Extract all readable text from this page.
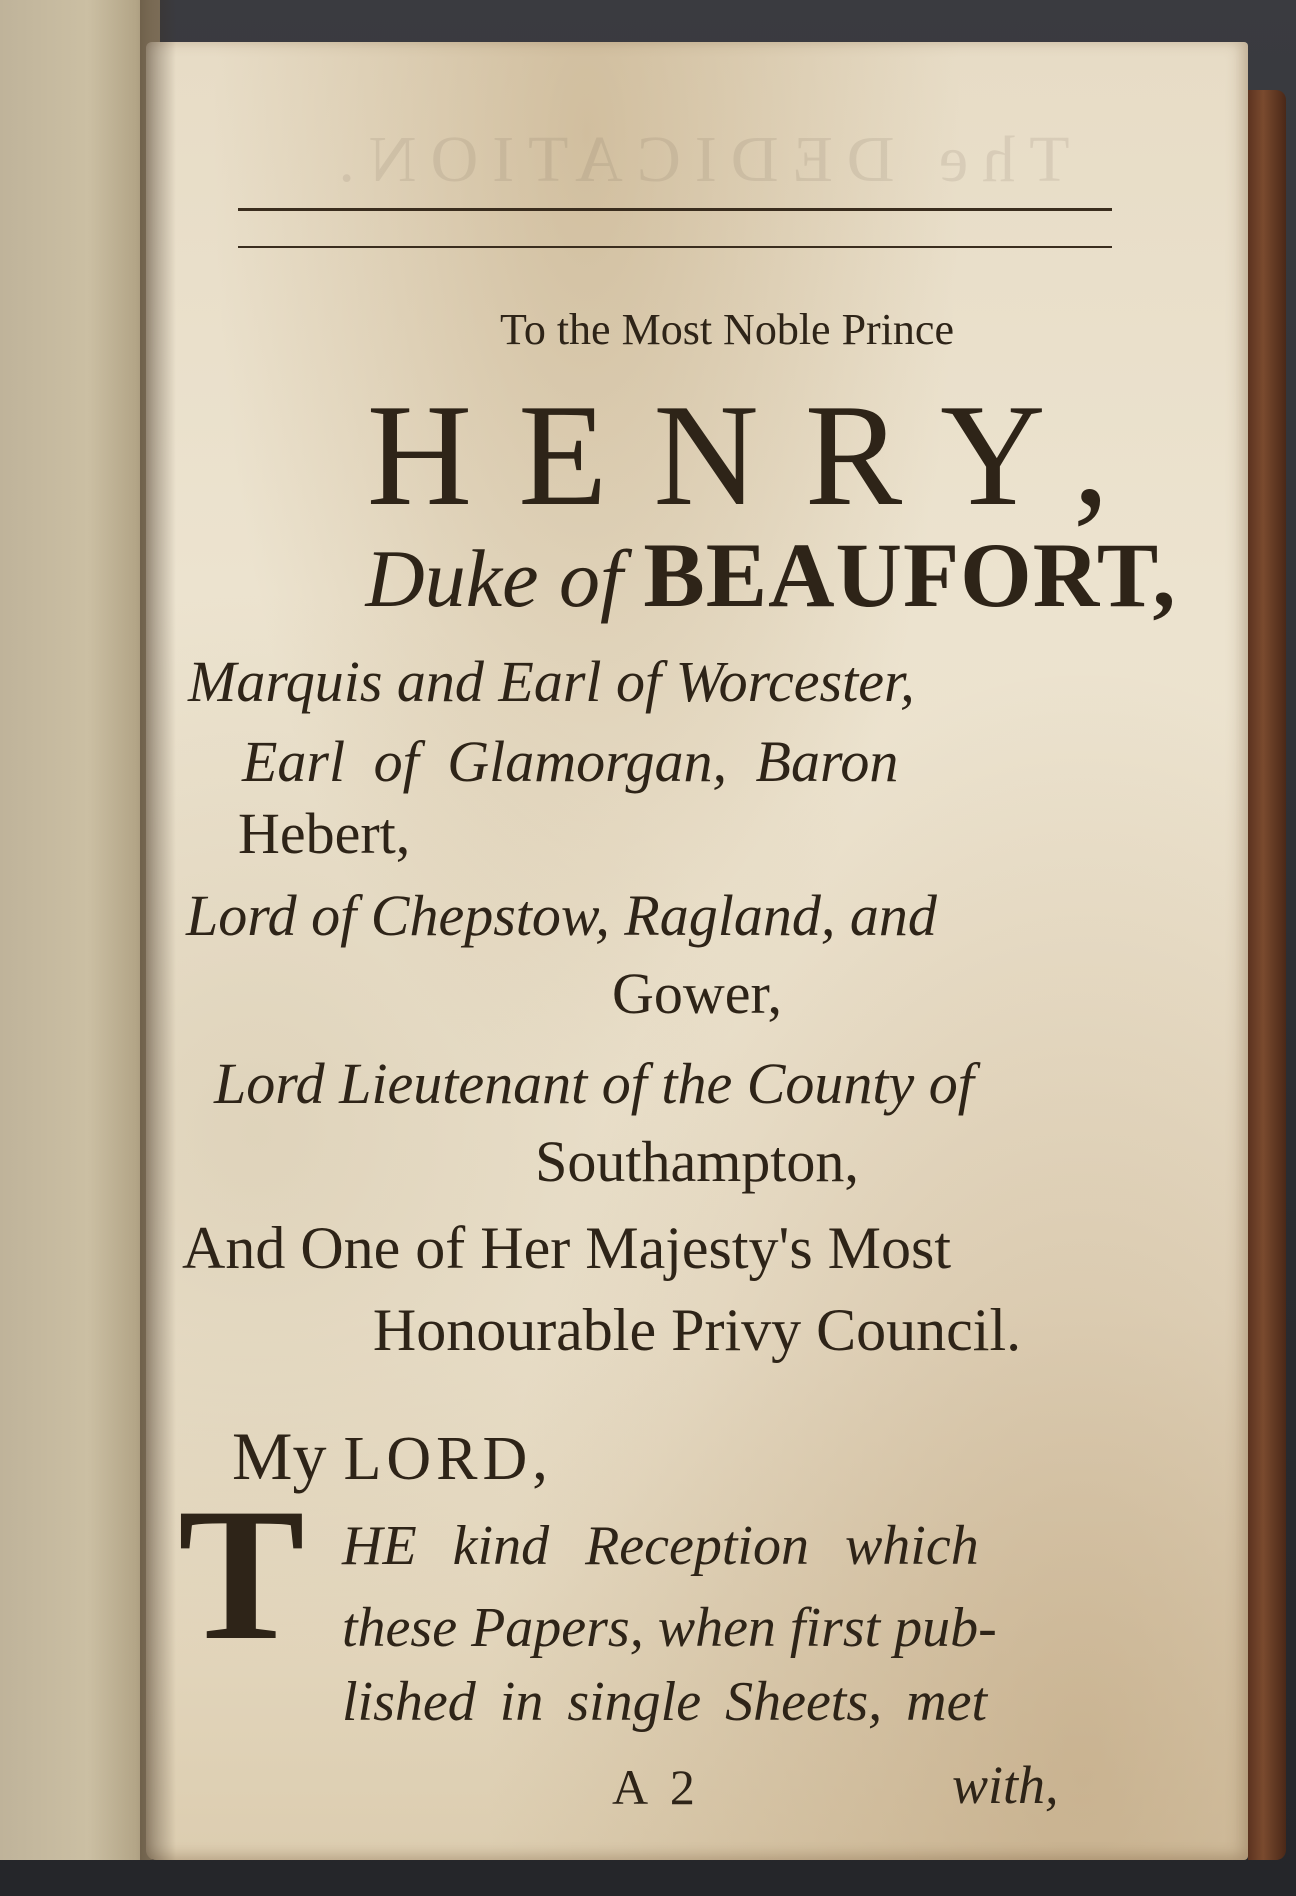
The DEDICATION.
To the Most Noble Prince
HENRY,
Duke of BEAUFORT,
Marquis and Earl of Worcester,
Earl of Glamorgan, Baron
Hebert,
Lord of Chepstow, Ragland, and
Gower,
Lord Lieutenant of the County of
Southampton,
And One of Her Majesty's Most
Honourable Privy Council.
My LORD,
T HE kind Reception which
these Papers, when first pub-
lished in single Sheets, met
A 2	with,
